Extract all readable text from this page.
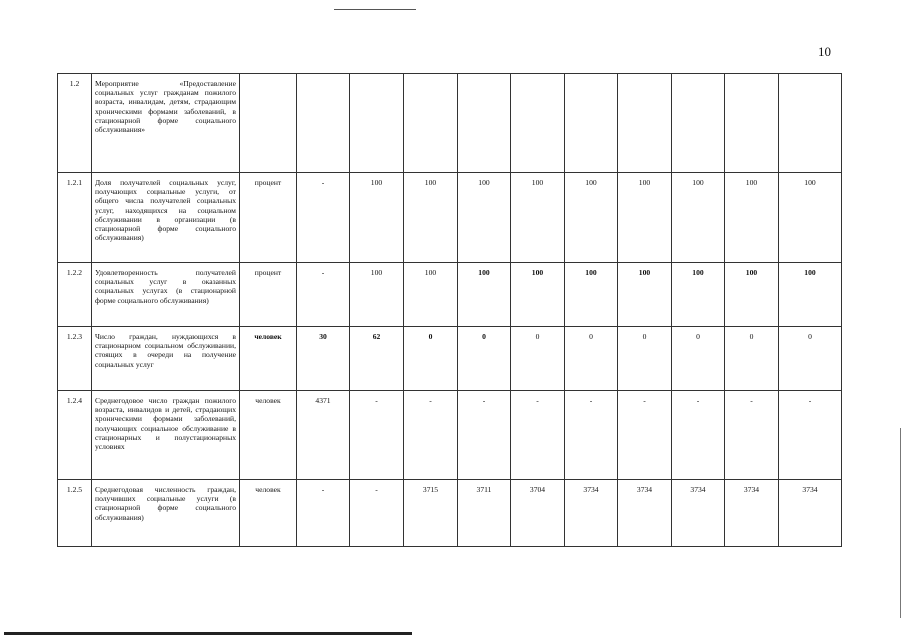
10
1.2	Мероприятие «Предоставление социальных услуг гражданам пожилого возраста, инвалидам, детям, страдающим хроническими формами заболеваний, в стационарной форме социального обслуживания»											
1.2.1	Доля получателей социальных услуг, получающих социальные услуги, от общего числа получателей социальных услуг, находящихся на социальном обслуживании в организации (в стационарной форме социального обслуживания)	процент	-	100	100	100	100	100	100	100	100	100
1.2.2	Удовлетворенность получателей социальных услуг в оказанных социальных услугах (в стационарной форме социального обслуживания)	процент	-	100	100	100	100	100	100	100	100	100
1.2.3	Число граждан, нуждающихся в стационарном социальном обслуживании, стоящих в очереди на получение социальных услуг	человек	30	62	0	0	0	0	0	0	0	0
1.2.4	Среднегодовое число граждан пожилого возраста, инвалидов и детей, страдающих хроническими формами заболеваний, получающих социальное обслуживание в стационарных и полустационарных условиях	человек	4371	-	-	-	-	-	-	-	-	-
1.2.5	Среднегодовая численность граждан, получивших социальные услуги (в стационарной форме социального обслуживания)	человек	-	-	3715	3711	3704	3734	3734	3734	3734	3734
